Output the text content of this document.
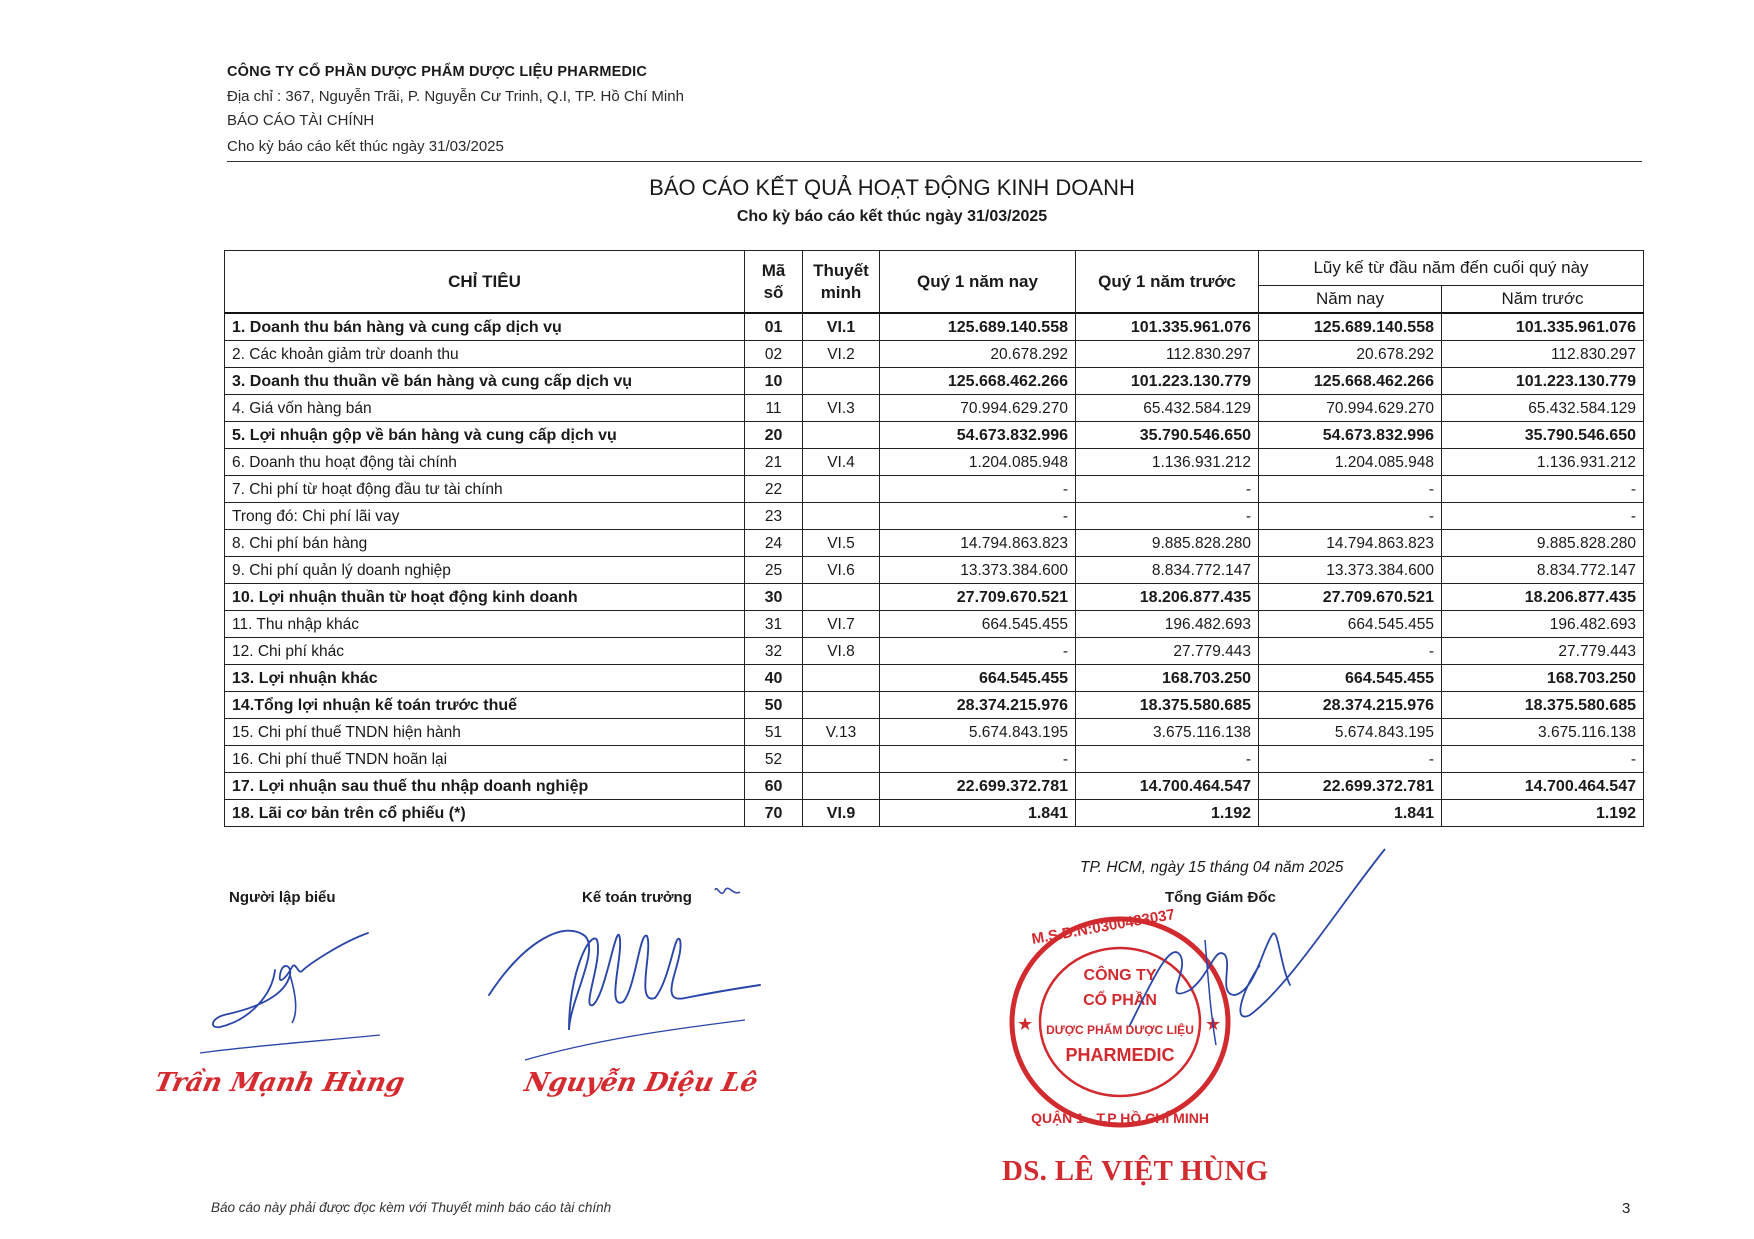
CÔNG TY CỔ PHẦN DƯỢC PHẨM DƯỢC LIỆU PHARMEDIC
Địa chỉ : 367, Nguyễn Trãi, P. Nguyễn Cư Trinh, Q.I, TP. Hồ Chí Minh
BÁO CÁO TÀI CHÍNH
Cho kỳ báo cáo kết thúc ngày 31/03/2025
BÁO CÁO KẾT QUẢ HOẠT ĐỘNG KINH DOANH
Cho kỳ báo cáo kết thúc ngày 31/03/2025
CHỈ TIÊU	Mã số	Thuyết minh	Quý 1 năm nay	Quý 1 năm trước	Lũy kế từ đầu năm đến cuối quý này	
					Năm nay	Năm trước
1. Doanh thu bán hàng và cung cấp dịch vụ	01	VI.1	125.689.140.558	101.335.961.076	125.689.140.558	101.335.961.076
2. Các khoản giảm trừ doanh thu	02	VI.2	20.678.292	112.830.297	20.678.292	112.830.297
3. Doanh thu thuần về bán hàng và cung cấp dịch vụ	10		125.668.462.266	101.223.130.779	125.668.462.266	101.223.130.779
4. Giá vốn hàng bán	11	VI.3	70.994.629.270	65.432.584.129	70.994.629.270	65.432.584.129
5. Lợi nhuận gộp về bán hàng và cung cấp dịch vụ	20		54.673.832.996	35.790.546.650	54.673.832.996	35.790.546.650
6. Doanh thu hoạt động tài chính	21	VI.4	1.204.085.948	1.136.931.212	1.204.085.948	1.136.931.212
7. Chi phí từ hoạt động đầu tư tài chính	22		-	-	-	-
Trong đó: Chi phí lãi vay	23		-	-	-	-
8. Chi phí bán hàng	24	VI.5	14.794.863.823	9.885.828.280	14.794.863.823	9.885.828.280
9. Chi phí quản lý doanh nghiệp	25	VI.6	13.373.384.600	8.834.772.147	13.373.384.600	8.834.772.147
10. Lợi nhuận thuần từ hoạt động kinh doanh	30		27.709.670.521	18.206.877.435	27.709.670.521	18.206.877.435
11. Thu nhập khác	31	VI.7	664.545.455	196.482.693	664.545.455	196.482.693
12. Chi phí khác	32	VI.8	-	27.779.443	-	27.779.443
13. Lợi nhuận khác	40		664.545.455	168.703.250	664.545.455	168.703.250
14.Tổng lợi nhuận kế toán trước thuế	50		28.374.215.976	18.375.580.685	28.374.215.976	18.375.580.685
15. Chi phí thuế TNDN hiện hành	51	V.13	5.674.843.195	3.675.116.138	5.674.843.195	3.675.116.138
16. Chi phí thuế TNDN hoãn lại	52		-	-	-	-
17. Lợi nhuận sau thuế thu nhập doanh nghiệp	60		22.699.372.781	14.700.464.547	22.699.372.781	14.700.464.547
18. Lãi cơ bản trên cổ phiếu (*)	70	VI.9	1.841	1.192	1.841	1.192
TP. HCM, ngày 15 tháng 04 năm 2025
Người lập biểu	Kế toán trưởng	Tổng Giám Đốc
Trần Mạnh Hùng	Nguyễn Diệu Lê
M.S.D.N:0300483037
★	★
QUẬN 1 - T.P HỒ CHÍ MINH
CÔNG TY
CỔ PHẦN
DƯỢC PHẨM DƯỢC LIỆU
PHARMEDIC
DS. LÊ VIỆT HÙNG
Báo cáo này phải được đọc kèm với Thuyết minh báo cáo tài chính	3
